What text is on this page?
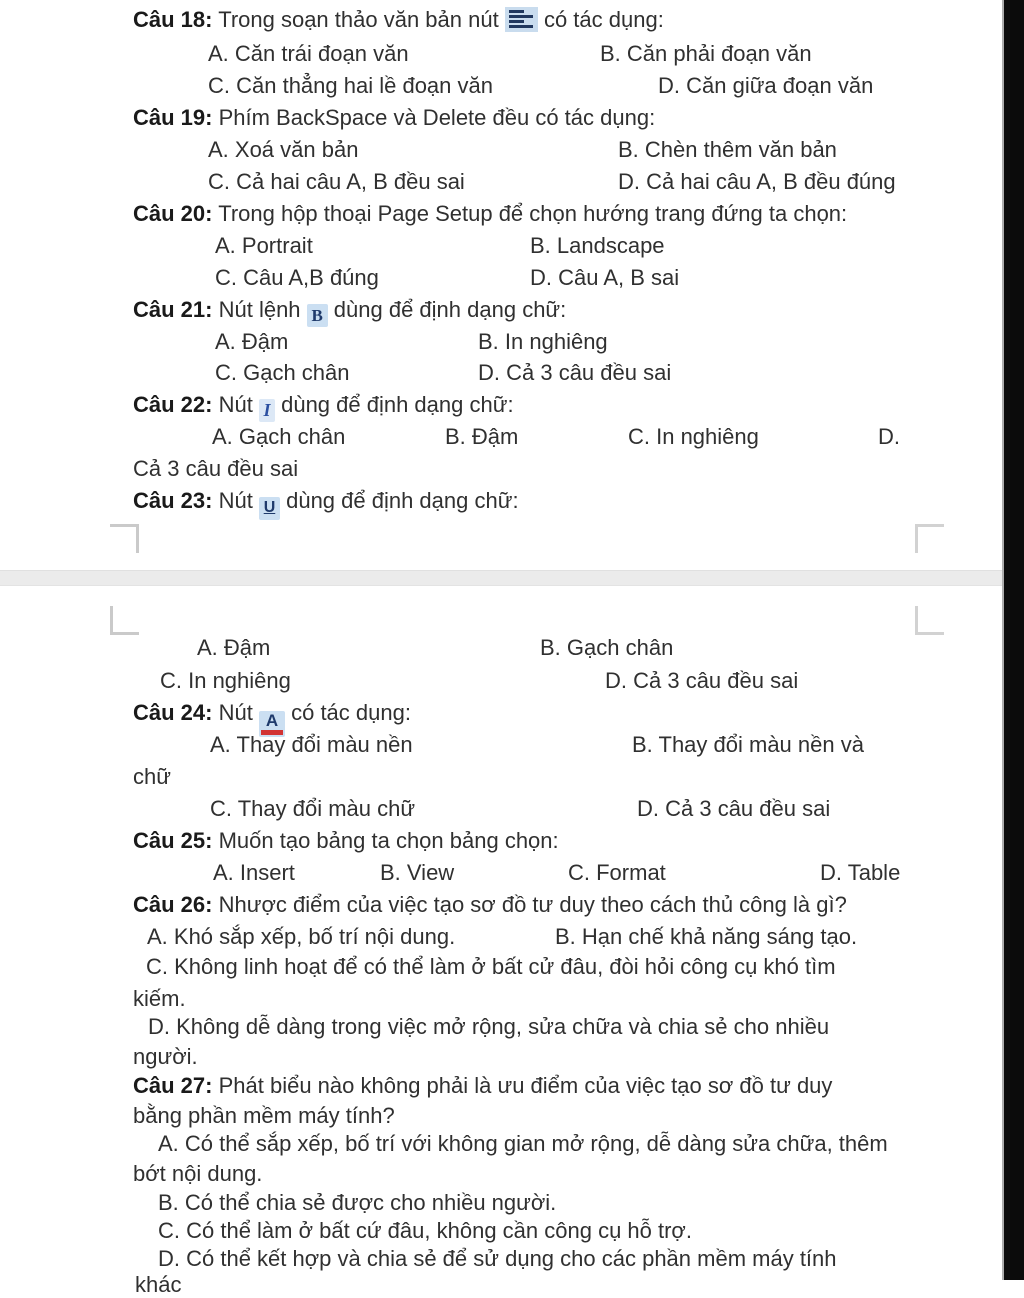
Câu 18: Trong soạn thảo văn bản nút có tác dụng:
A. Căn trái đoạn văn	B. Căn phải đoạn văn
C. Căn thẳng hai lề đoạn văn	D. Căn giữa đoạn văn
Câu 19: Phím BackSpace và Delete đều có tác dụng:
A. Xoá văn bản	B. Chèn thêm văn bản
C. Cả hai câu A, B đều sai	D. Cả hai câu A, B đều đúng
Câu 20: Trong hộp thoại Page Setup để chọn hướng trang đứng ta chọn:
A. Portrait	B. Landscape
C. Câu A,B đúng	D. Câu A, B sai
Câu 21: Nút lệnh B dùng để định dạng chữ:
A. Đậm	B. In nghiêng
C. Gạch chân	D. Cả 3 câu đều sai
Câu 22: Nút I dùng để định dạng chữ:
A. Gạch chân	B. Đậm	C. In nghiêng	D.
Cả 3 câu đều sai
Câu 23: Nút U dùng để định dạng chữ:
A. Đậm	B. Gạch chân
C. In nghiêng	D. Cả 3 câu đều sai
Câu 24: Nút A có tác dụng:
A. Thay đổi màu nền	B. Thay đổi màu nền và
chữ
C. Thay đổi màu chữ	D. Cả 3 câu đều sai
Câu 25: Muốn tạo bảng ta chọn bảng chọn:
A. Insert	B. View	C. Format	D. Table
Câu 26: Nhược điểm của việc tạo sơ đồ tư duy theo cách thủ công là gì?
A. Khó sắp xếp, bố trí nội dung.	B. Hạn chế khả năng sáng tạo.
C. Không linh hoạt để có thể làm ở bất cử đâu, đòi hỏi công cụ khó tìm
kiếm.
D. Không dễ dàng trong việc mở rộng, sửa chữa và chia sẻ cho nhiều
người.
Câu 27: Phát biểu nào không phải là ưu điểm của việc tạo sơ đồ tư duy
bằng phần mềm máy tính?
A. Có thể sắp xếp, bố trí với không gian mở rộng, dễ dàng sửa chữa, thêm
bớt nội dung.
B. Có thể chia sẻ được cho nhiều người.
C. Có thể làm ở bất cứ đâu, không cần công cụ hỗ trợ.
D. Có thể kết hợp và chia sẻ để sử dụng cho các phần mềm máy tính
khác
